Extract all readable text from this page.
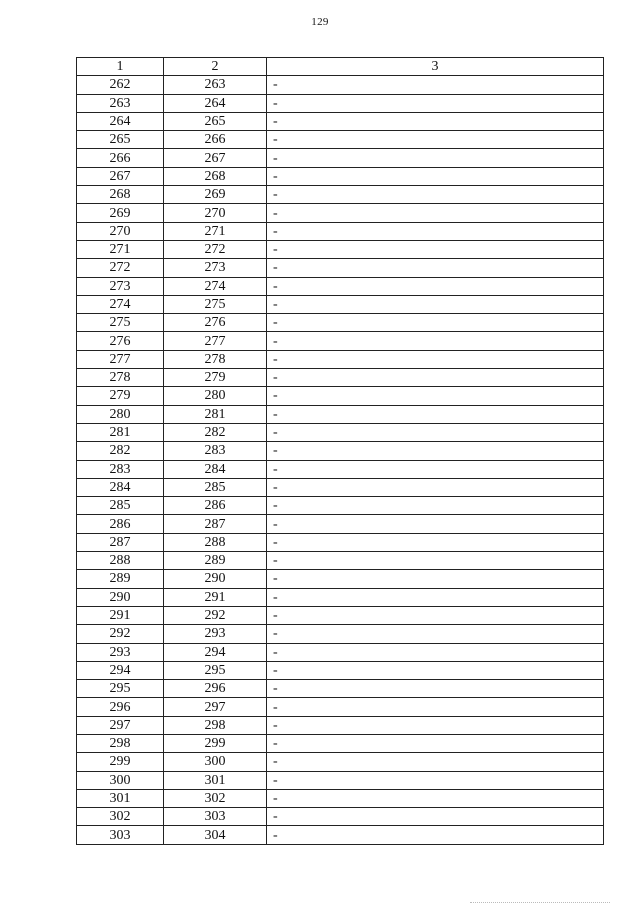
129
1	2	3
262	263	-
263	264	-
264	265	-
265	266	-
266	267	-
267	268	-
268	269	-
269	270	-
270	271	-
271	272	-
272	273	-
273	274	-
274	275	-
275	276	-
276	277	-
277	278	-
278	279	-
279	280	-
280	281	-
281	282	-
282	283	-
283	284	-
284	285	-
285	286	-
286	287	-
287	288	-
288	289	-
289	290	-
290	291	-
291	292	-
292	293	-
293	294	-
294	295	-
295	296	-
296	297	-
297	298	-
298	299	-
299	300	-
300	301	-
301	302	-
302	303	-
303	304	-
